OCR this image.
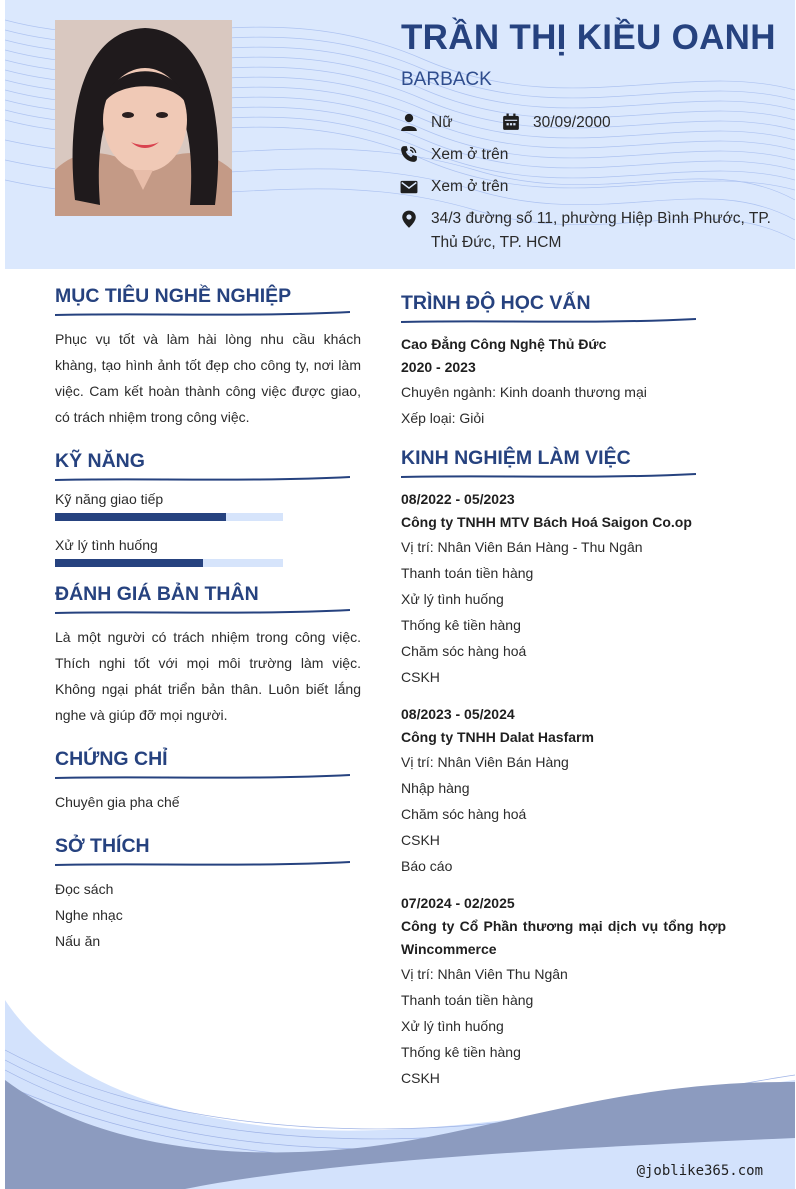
TRẦN THỊ KIỀU OANH
BARBACK
Nữ	30/09/2000
Xem ở trên
Xem ở trên
34/3 đường số 11, phường Hiệp Bình Phước, TP. Thủ Đức, TP. HCM
MỤC TIÊU NGHỀ NGHIỆP

Phục vụ tốt và làm hài lòng nhu cầu khách khàng, tạo hình ảnh tốt đẹp cho công ty, nơi làm việc. Cam kết hoàn thành công việc được giao, có trách nhiệm trong công việc.

KỸ NĂNG
Kỹ năng giao tiếp
Xử lý tình huống
ĐÁNH GIÁ BẢN THÂN

Là một người có trách nhiệm trong công việc. Thích nghi tốt với mọi môi trường làm việc. Không ngại phát triển bản thân. Luôn biết lắng nghe và giúp đỡ mọi người.

CHỨNG CHỈ
Chuyên gia pha chế
SỞ THÍCH
Đọc sách
Nghe nhạc
Nấu ăn
TRÌNH ĐỘ HỌC VẤN
Cao Đẳng Công Nghệ Thủ Đức
2020 - 2023
Chuyên ngành: Kinh doanh thương mại
Xếp loại: Giỏi
KINH NGHIỆM LÀM VIỆC
08/2022 - 05/2023
Công ty TNHH MTV Bách Hoá Saigon Co.op
Vị trí: Nhân Viên Bán Hàng - Thu Ngân
Thanh toán tiền hàng
Xử lý tình huống
Thống kê tiền hàng
Chăm sóc hàng hoá
CSKH
08/2023 - 05/2024
Công ty TNHH Dalat Hasfarm
Vị trí: Nhân Viên Bán Hàng
Nhập hàng
Chăm sóc hàng hoá
CSKH
Báo cáo
07/2024 - 02/2025
Công ty Cổ Phần thương mại dịch vụ tổng hợp Wincommerce
Vị trí: Nhân Viên Thu Ngân
Thanh toán tiền hàng
Xử lý tình huống
Thống kê tiền hàng
CSKH
@joblike365.com
